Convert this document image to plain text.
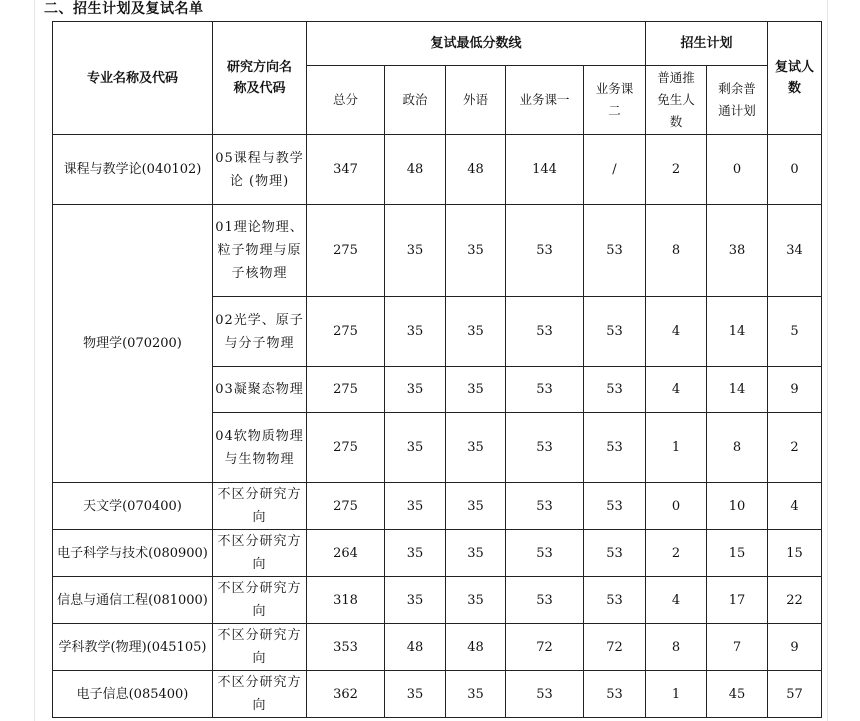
二、招生计划及复试名单
专业名称及代码	研究方向名称及代码	复试最低分数线					招生计划		复试人数
		总分	政治	外语	业务课一	业务课二	普通推免生人数	剩余普通计划	
课程与教学论(040102)	05课程与教学论 (物理)	347	48	48	144	/	2	0	0
物理学(070200)	01理论物理、粒子物理与原子核物理	275	35	35	53	53	8	38	34
	02光学、原子与分子物理	275	35	35	53	53	4	14	5
	03凝聚态物理	275	35	35	53	53	4	14	9
	04软物质物理与生物物理	275	35	35	53	53	1	8	2
天文学(070400)	不区分研究方向	275	35	35	53	53	0	10	4
电子科学与技术(080900)	不区分研究方向	264	35	35	53	53	2	15	15
信息与通信工程(081000)	不区分研究方向	318	35	35	53	53	4	17	22
学科教学(物理)(045105)	不区分研究方向	353	48	48	72	72	8	7	9
电子信息(085400)	不区分研究方向	362	35	35	53	53	1	45	57
